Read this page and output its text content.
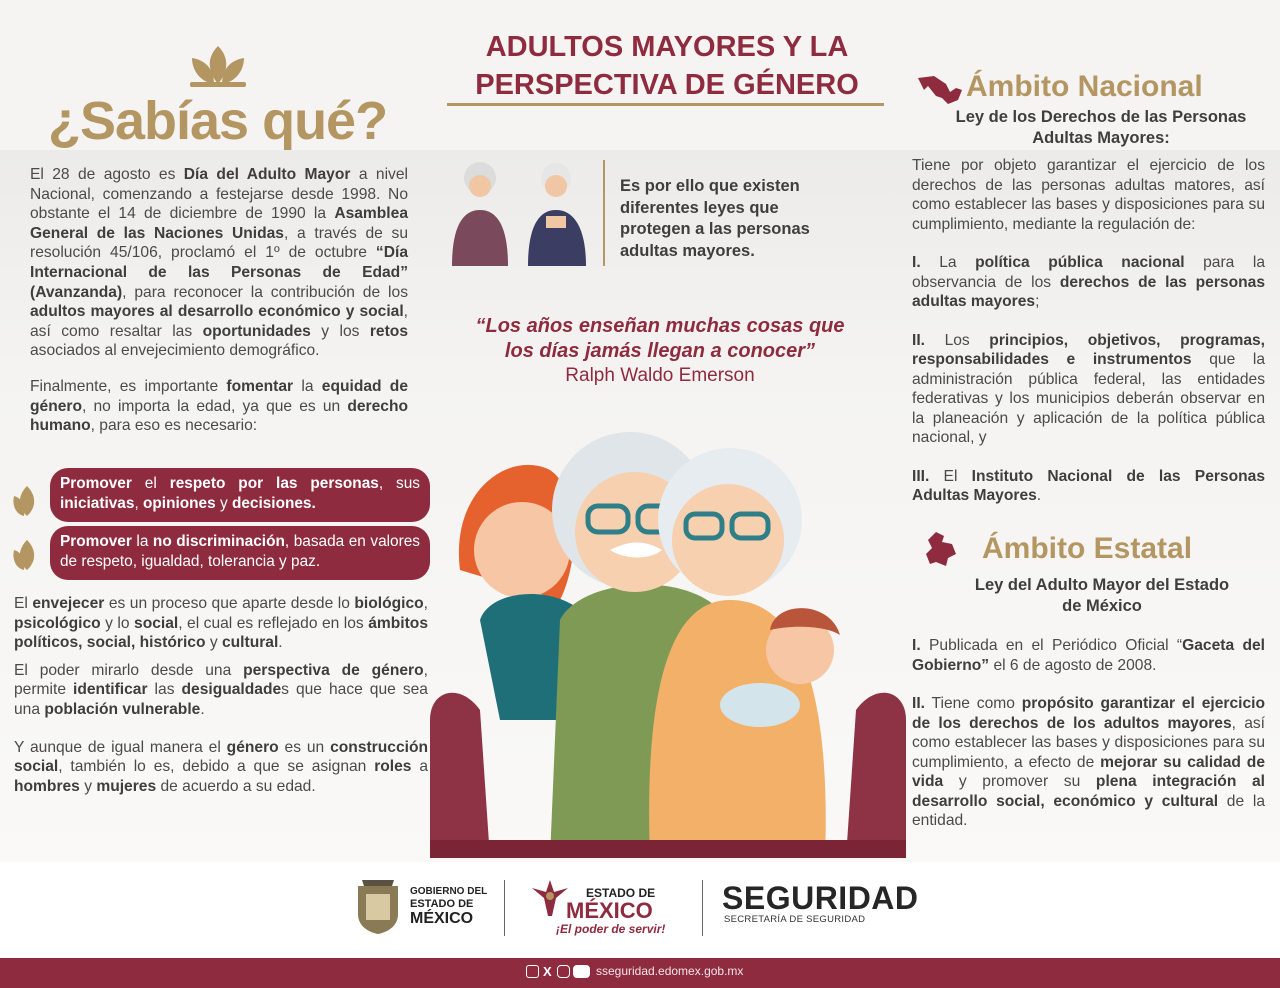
¿Sabías qué?

El 28 de agosto es Día del Adulto Mayor a nivel Nacional, comenzando a festejarse desde 1998. No obstante el 14 de diciembre de 1990 la Asamblea General de las Naciones Unidas, a través de su resolución 45/106, proclamó el 1º de octubre “Día Internacional de las Personas de Edad” (Avanzanda), para reconocer la contribución de los adultos mayores al desarrollo económico y social, así como resaltar las oportunidades y los retos asociados al envejecimiento demográfico.

Finalmente, es importante fomentar la equidad de género, no importa la edad, ya que es un derecho humano, para eso es necesario:

Promover el respeto por las personas, sus iniciativas, opiniones y decisiones.
Promover la no discriminación, basada en valores de respeto, igualdad, tolerancia y paz.

El envejecer es un proceso que aparte desde lo biológico, psicológico y lo social, el cual es reflejado en los ámbitos políticos, social, histórico y cultural.

El poder mirarlo desde una perspectiva de género, permite identificar las desigualdades que hace que sea una población vulnerable.

Y aunque de igual manera el género es un construcción social, también lo es, debido a que se asignan roles a hombres y mujeres de acuerdo a su edad.

ADULTOS MAYORES Y LA
PERSPECTIVA DE GÉNERO
Es por ello que existen diferentes leyes que protegen a las personas adultas mayores.
“Los años enseñan muchas cosas que
los días jamás llegan a conocer”
Ralph Waldo Emerson
Ámbito Nacional
Ley de los Derechos de las Personas Adultas Mayores:

Tiene por objeto garantizar el ejercicio de los derechos de las personas adultas matores, así como establecer las bases y disposiciones para su cumplimiento, mediante la regulación de:

I. La política pública nacional para la observancia de los derechos de las personas adultas mayores;

II. Los principios, objetivos, programas, responsabilidades e instrumentos que la administración pública federal, las entidades federativas y los municipios deberán observar en la planeación y aplicación de la política pública nacional, y

III. El Instituto Nacional de las Personas Adultas Mayores.

Ámbito Estatal
Ley del Adulto Mayor del Estado de México

I. Publicada en el Periódico Oficial “Gaceta del Gobierno” el 6 de agosto de 2008.

II. Tiene como propósito garantizar el ejercicio de los derechos de los adultos mayores, así como establecer las bases y disposiciones para su cumplimiento, a efecto de mejorar su calidad de vida y promover su plena integración al desarrollo social, económico y cultural de la entidad.

GOBIERNO DEL
ESTADO DE
MÉXICO
ESTADO DE
MÉXICO
¡El poder de servir!
SEGURIDAD
SECRETARÍA DE SEGURIDAD
X	sseguridad.edomex.gob.mx
